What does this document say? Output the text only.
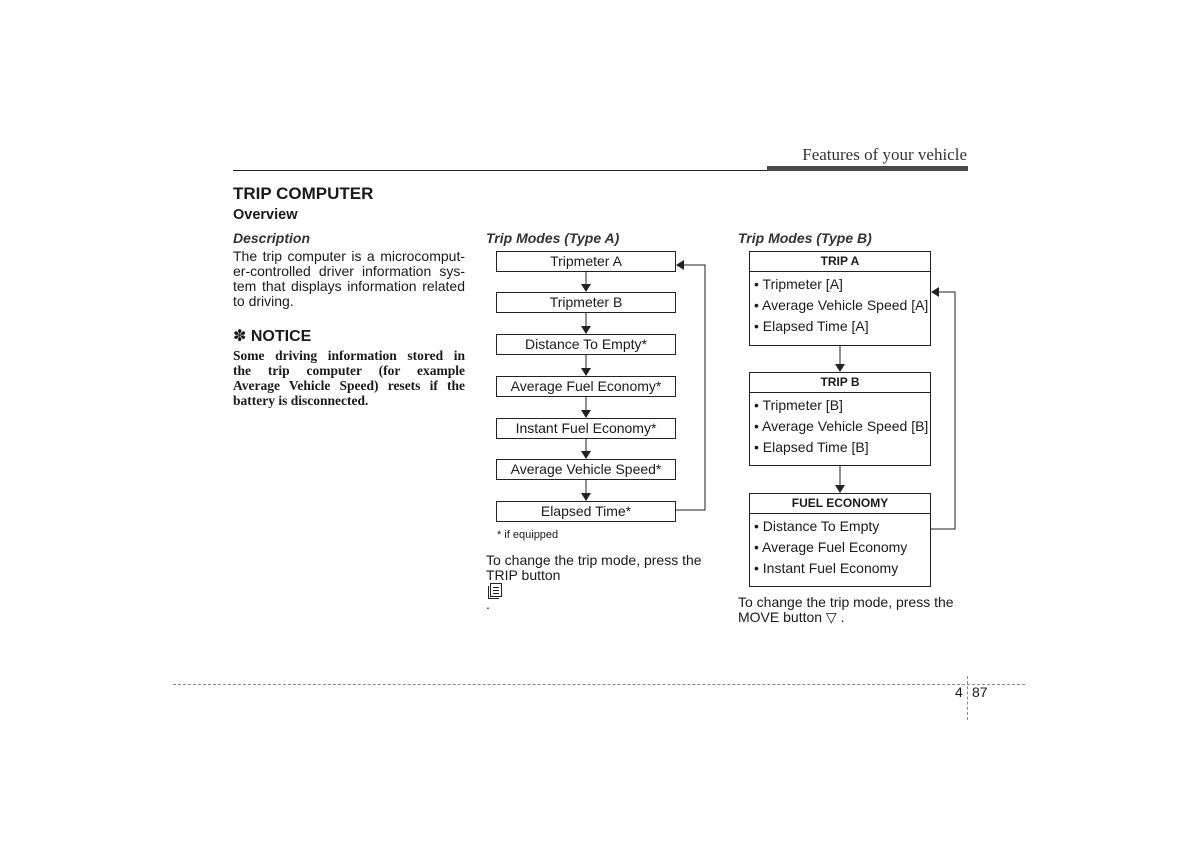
Features of your vehicle
TRIP COMPUTER
Overview
Description
The trip computer is a microcomput-
er-controlled driver information sys-
tem that displays information related
to driving.
✽ NOTICE
Some driving information stored in
the trip computer (for example
Average Vehicle Speed) resets if the
battery is disconnected.
Trip Modes (Type A)
Tripmeter A
Tripmeter B
Distance To Empty*
Average Fuel Economy*
Instant Fuel Economy*
Average Vehicle Speed*
Elapsed Time*
* if equipped
To change the trip mode, press the
TRIP button
.
Trip Modes (Type B)
TRIP A
• Tripmeter [A]
• Average Vehicle Speed [A]
• Elapsed Time [A]
TRIP B
• Tripmeter [B]
• Average Vehicle Speed [B]
• Elapsed Time [B]
FUEL ECONOMY
• Distance To Empty
• Average Fuel Economy
• Instant Fuel Economy
To change the trip mode, press the
MOVE button ▽ .
4 87
